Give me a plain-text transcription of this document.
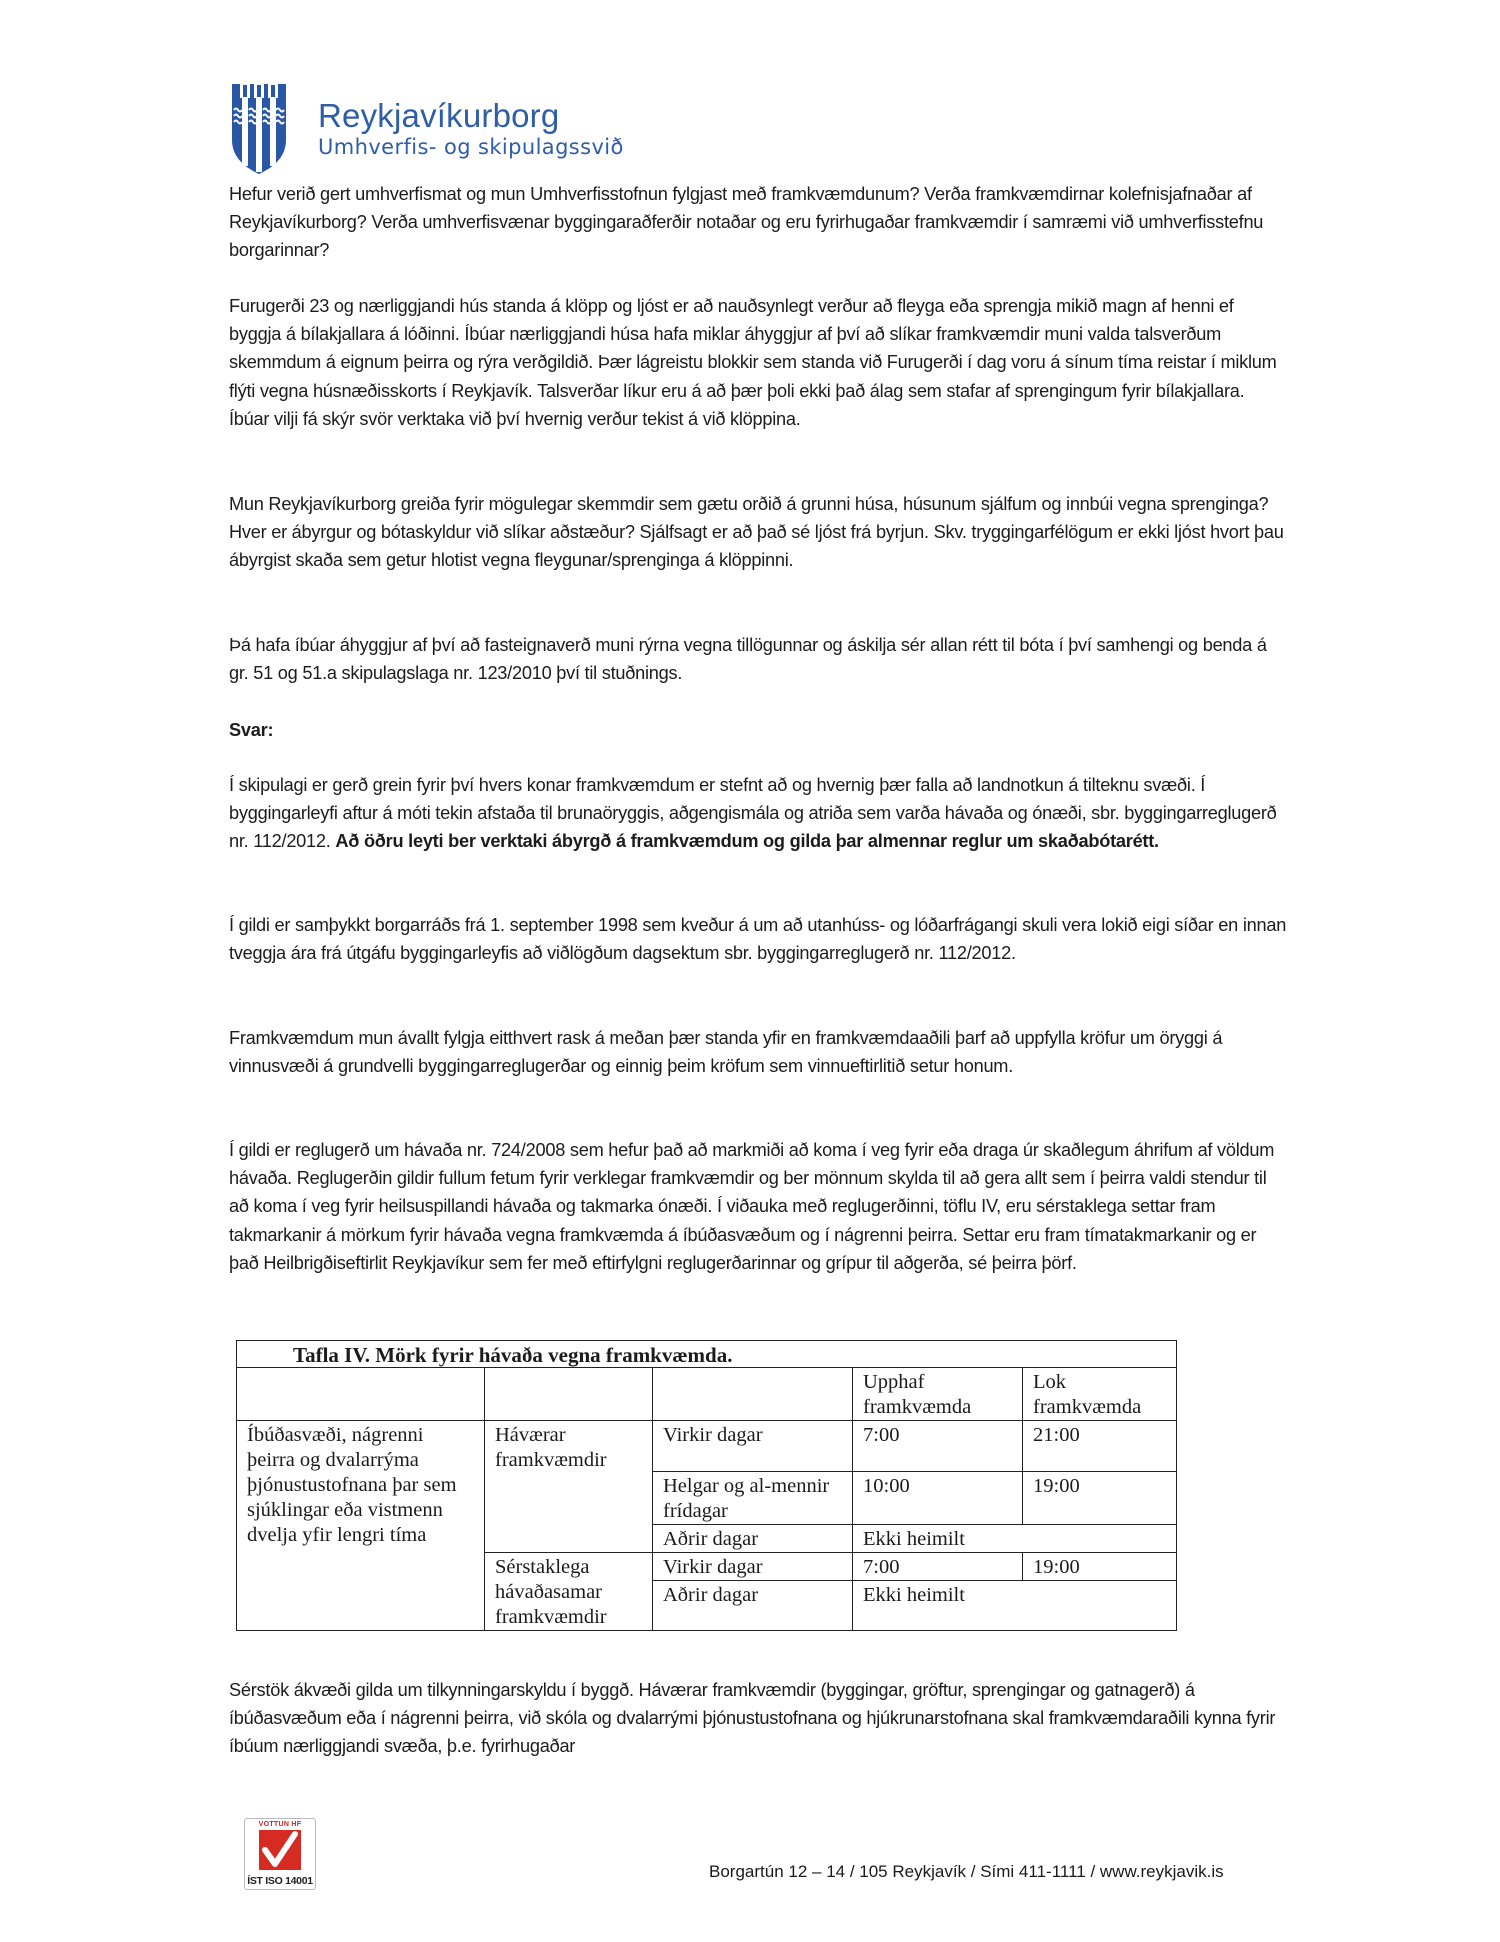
Reykjavíkurborg
Umhverfis- og skipulagssvið

Hefur verið gert umhverfismat og mun Umhverfisstofnun fylgjast með framkvæmdunum? Verða framkvæmdirnar kolefnisjafnaðar af Reykjavíkurborg? Verða umhverfisvænar byggingaraðferðir notaðar og eru fyrirhugaðar framkvæmdir í samræmi við umhverfisstefnu borgarinnar?

Furugerði 23 og nærliggjandi hús standa á klöpp og ljóst er að nauðsynlegt verður að fleyga eða sprengja mikið magn af henni ef byggja á bílakjallara á lóðinni. Íbúar nærliggjandi húsa hafa miklar áhyggjur af því að slíkar framkvæmdir muni valda talsverðum skemmdum á eignum þeirra og rýra verðgildið. Þær lágreistu blokkir sem standa við Furugerði í dag voru á sínum tíma reistar í miklum flýti vegna húsnæðisskorts í Reykjavík. Talsverðar líkur eru á að þær þoli ekki það álag sem stafar af sprengingum fyrir bílakjallara. Íbúar vilji fá skýr svör verktaka við því hvernig verður tekist á við klöppina.

Mun Reykjavíkurborg greiða fyrir mögulegar skemmdir sem gætu orðið á grunni húsa, húsunum sjálfum og innbúi vegna sprenginga? Hver er ábyrgur og bótaskyldur við slíkar aðstæður? Sjálfsagt er að það sé ljóst frá byrjun. Skv. tryggingarfélögum er ekki ljóst hvort þau ábyrgist skaða sem getur hlotist vegna fleygunar/sprenginga á klöppinni.

Þá hafa íbúar áhyggjur af því að fasteignaverð muni rýrna vegna tillögunnar og áskilja sér allan rétt til bóta í því samhengi og benda á gr. 51 og 51.a skipulagslaga nr. 123/2010 því til stuðnings.

Svar:

Í skipulagi er gerð grein fyrir því hvers konar framkvæmdum er stefnt að og hvernig þær falla að landnotkun á tilteknu svæði. Í byggingarleyfi aftur á móti tekin afstaða til brunaöryggis, aðgengismála og atriða sem varða hávaða og ónæði, sbr. byggingarreglugerð nr. 112/2012. Að öðru leyti ber verktaki ábyrgð á framkvæmdum og gilda þar almennar reglur um skaðabótarétt.

Í gildi er samþykkt borgarráðs frá 1. september 1998 sem kveður á um að utanhúss- og lóðarfrágangi skuli vera lokið eigi síðar en innan tveggja ára frá útgáfu byggingarleyfis að viðlögðum dagsektum sbr. byggingarreglugerð nr. 112/2012.

Framkvæmdum mun ávallt fylgja eitthvert rask á meðan þær standa yfir en framkvæmdaaðili þarf að uppfylla kröfur um öryggi á vinnusvæði á grundvelli byggingarreglugerðar og einnig þeim kröfum sem vinnueftirlitið setur honum.

Í gildi er reglugerð um hávaða nr. 724/2008 sem hefur það að markmiði að koma í veg fyrir eða draga úr skaðlegum áhrifum af völdum hávaða. Reglugerðin gildir fullum fetum fyrir verklegar framkvæmdir og ber mönnum skylda til að gera allt sem í þeirra valdi stendur til að koma í veg fyrir heilsuspillandi hávaða og takmarka ónæði. Í viðauka með reglugerðinni, töflu IV, eru sérstaklega settar fram takmarkanir á mörkum fyrir hávaða vegna framkvæmda á íbúðasvæðum og í nágrenni þeirra. Settar eru fram tímatakmarkanir og er það Heilbrigðiseftirlit Reykjavíkur sem fer með eftirfylgni reglugerðarinnar og grípur til aðgerða, sé þeirra þörf.

Tafla IV. Mörk fyrir hávaða vegna framkvæmda.				
			Upphaf framkvæmda	Lok framkvæmda
Íbúðasvæði, nágrenni þeirra og dvalarrýma þjónustustofnana þar sem sjúklingar eða vistmenn dvelja yfir lengri tíma	Háværar framkvæmdir	Virkir dagar	7:00	21:00
		Helgar og al-mennir frídagar	10:00	19:00
		Aðrir dagar	Ekki heimilt	
	Sérstaklega hávaðasamar framkvæmdir	Virkir dagar	7:00	19:00
		Aðrir dagar	Ekki heimilt	

Sérstök ákvæði gilda um tilkynningarskyldu í byggð. Háværar framkvæmdir (byggingar, gröftur, sprengingar og gatnagerð) á íbúðasvæðum eða í nágrenni þeirra, við skóla og dvalarrými þjónustustofnana og hjúkrunarstofnana skal framkvæmdaraðili kynna fyrir íbúum nærliggjandi svæða, þ.e. fyrirhugaðar

VOTTUN HF
ÍST ISO 14001	Borgartún 12 – 14 / 105 Reykjavík / Sími 411-1111 / www.reykjavik.is
